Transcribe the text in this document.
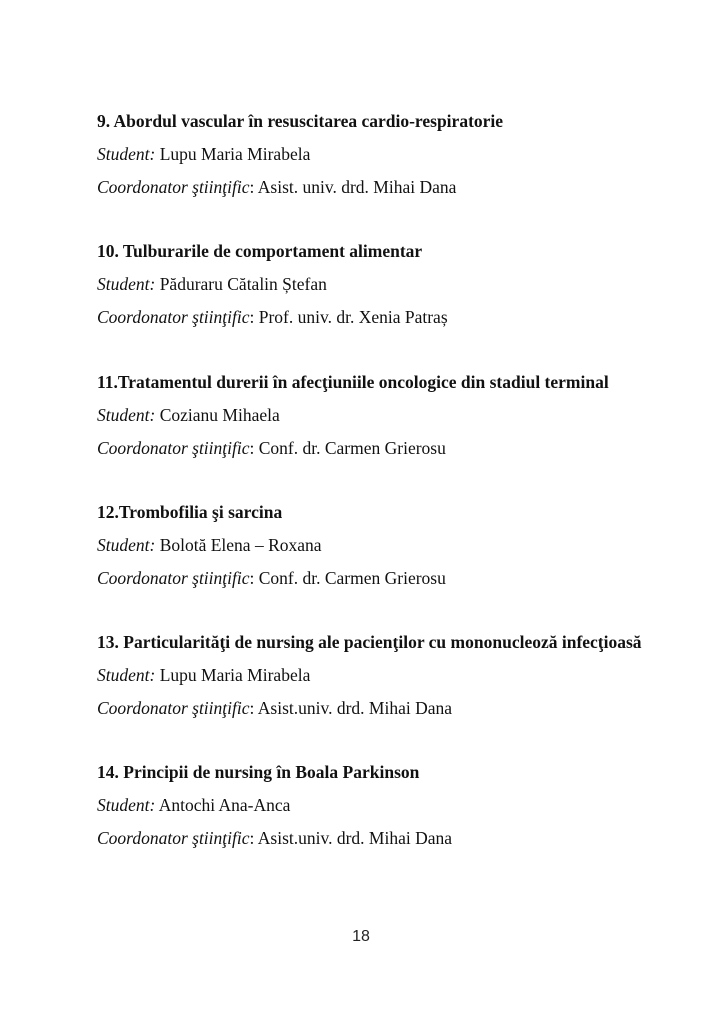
9. Abordul vascular în resuscitarea cardio-respiratorie

Student: Lupu Maria Mirabela

Coordonator ştiinţific: Asist. univ. drd. Mihai Dana

10. Tulburarile de comportament alimentar

Student: Păduraru Cătalin Ștefan

Coordonator ştiinţific: Prof. univ. dr. Xenia Patraș

11.Tratamentul durerii în afecţiuniile oncologice din stadiul terminal

Student: Cozianu Mihaela

Coordonator ştiinţific: Conf. dr. Carmen Grierosu

12.Trombofilia şi sarcina

Student: Bolotă Elena – Roxana

Coordonator ştiinţific: Conf. dr. Carmen Grierosu

13. Particularităţi de nursing ale pacienţilor cu mononucleoză infecţioasă

Student: Lupu Maria Mirabela

Coordonator ştiinţific: Asist.univ. drd. Mihai Dana

14. Principii de nursing în Boala Parkinson

Student: Antochi Ana-Anca

Coordonator ştiinţific: Asist.univ. drd. Mihai Dana

18
